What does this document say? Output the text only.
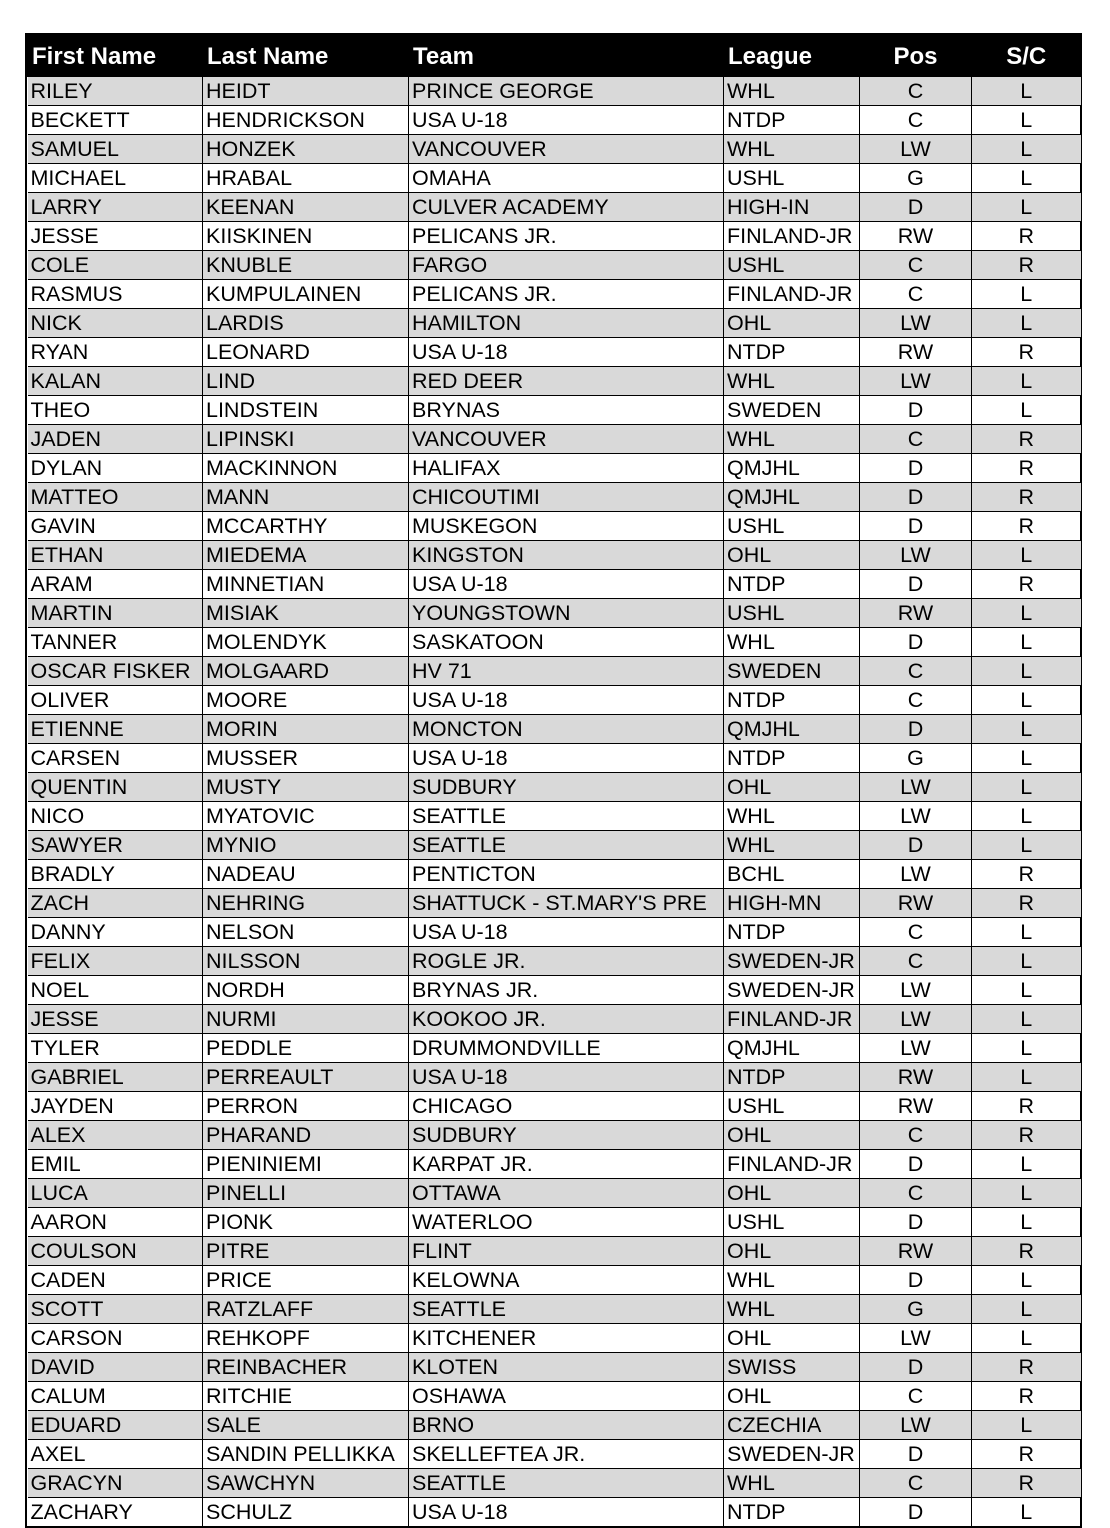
First Name	Last Name	Team	League	Pos	S/C
RILEY	HEIDT	PRINCE GEORGE	WHL	C	L
BECKETT	HENDRICKSON	USA U-18	NTDP	C	L
SAMUEL	HONZEK	VANCOUVER	WHL	LW	L
MICHAEL	HRABAL	OMAHA	USHL	G	L
LARRY	KEENAN	CULVER ACADEMY	HIGH-IN	D	L
JESSE	KIISKINEN	PELICANS JR.	FINLAND-JR	RW	R
COLE	KNUBLE	FARGO	USHL	C	R
RASMUS	KUMPULAINEN	PELICANS JR.	FINLAND-JR	C	L
NICK	LARDIS	HAMILTON	OHL	LW	L
RYAN	LEONARD	USA U-18	NTDP	RW	R
KALAN	LIND	RED DEER	WHL	LW	L
THEO	LINDSTEIN	BRYNAS	SWEDEN	D	L
JADEN	LIPINSKI	VANCOUVER	WHL	C	R
DYLAN	MACKINNON	HALIFAX	QMJHL	D	R
MATTEO	MANN	CHICOUTIMI	QMJHL	D	R
GAVIN	MCCARTHY	MUSKEGON	USHL	D	R
ETHAN	MIEDEMA	KINGSTON	OHL	LW	L
ARAM	MINNETIAN	USA U-18	NTDP	D	R
MARTIN	MISIAK	YOUNGSTOWN	USHL	RW	L
TANNER	MOLENDYK	SASKATOON	WHL	D	L
OSCAR FISKER	MOLGAARD	HV 71	SWEDEN	C	L
OLIVER	MOORE	USA U-18	NTDP	C	L
ETIENNE	MORIN	MONCTON	QMJHL	D	L
CARSEN	MUSSER	USA U-18	NTDP	G	L
QUENTIN	MUSTY	SUDBURY	OHL	LW	L
NICO	MYATOVIC	SEATTLE	WHL	LW	L
SAWYER	MYNIO	SEATTLE	WHL	D	L
BRADLY	NADEAU	PENTICTON	BCHL	LW	R
ZACH	NEHRING	SHATTUCK - ST.MARY'S PRE	HIGH-MN	RW	R
DANNY	NELSON	USA U-18	NTDP	C	L
FELIX	NILSSON	ROGLE JR.	SWEDEN-JR	C	L
NOEL	NORDH	BRYNAS JR.	SWEDEN-JR	LW	L
JESSE	NURMI	KOOKOO JR.	FINLAND-JR	LW	L
TYLER	PEDDLE	DRUMMONDVILLE	QMJHL	LW	L
GABRIEL	PERREAULT	USA U-18	NTDP	RW	L
JAYDEN	PERRON	CHICAGO	USHL	RW	R
ALEX	PHARAND	SUDBURY	OHL	C	R
EMIL	PIENINIEMI	KARPAT JR.	FINLAND-JR	D	L
LUCA	PINELLI	OTTAWA	OHL	C	L
AARON	PIONK	WATERLOO	USHL	D	L
COULSON	PITRE	FLINT	OHL	RW	R
CADEN	PRICE	KELOWNA	WHL	D	L
SCOTT	RATZLAFF	SEATTLE	WHL	G	L
CARSON	REHKOPF	KITCHENER	OHL	LW	L
DAVID	REINBACHER	KLOTEN	SWISS	D	R
CALUM	RITCHIE	OSHAWA	OHL	C	R
EDUARD	SALE	BRNO	CZECHIA	LW	L
AXEL	SANDIN PELLIKKA	SKELLEFTEA JR.	SWEDEN-JR	D	R
GRACYN	SAWCHYN	SEATTLE	WHL	C	R
ZACHARY	SCHULZ	USA U-18	NTDP	D	L
